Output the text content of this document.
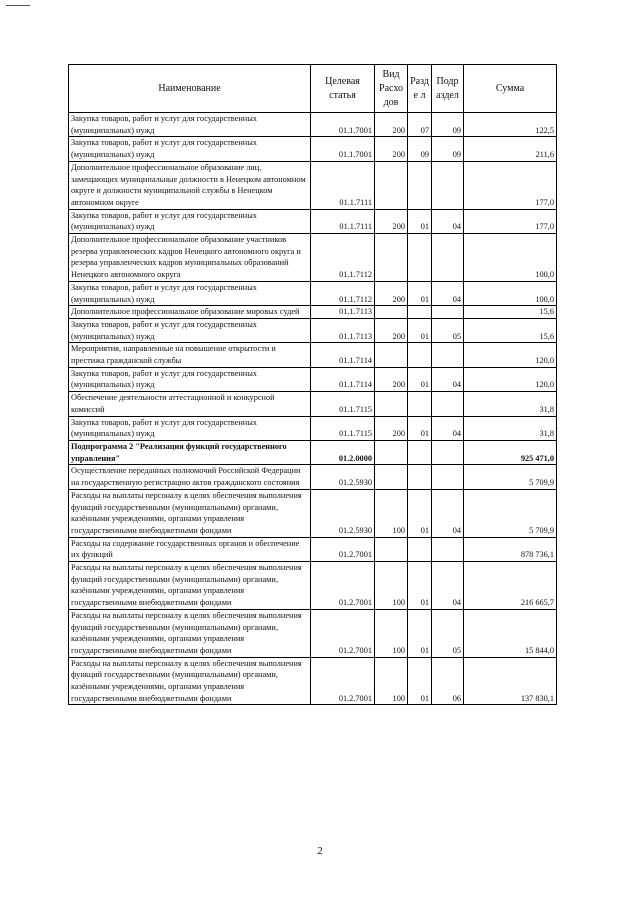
Наименование	Целевая статья	Вид Расхо дов	Разде л	Подр аздел	Сумма
Закупка товаров, работ и услуг для государственных (муниципальных) нужд	01.1.7001	200	07	09	122,5
Закупка товаров, работ и услуг для государственных (муниципальных) нужд	01.1.7001	200	09	09	211,6
Дополнительное профессиональное образование лиц, замещающих муниципальные должности в Ненецком автономном округе и должности муниципальной службы в Ненецком автономном округе	01.1.7111				177,0
Закупка товаров, работ и услуг для государственных (муниципальных) нужд	01.1.7111	200	01	04	177,0
Дополнительное профессиональное образование участников резерва управленческих кадров Ненецкого автономного округа и резерва управленческих кадров муниципальных образований Ненецкого автономного округа	01.1.7112				100,0
Закупка товаров, работ и услуг для государственных (муниципальных) нужд	01.1.7112	200	01	04	100,0
Дополнительное профессиональное образование мировых судей	01.1.7113				15,6
Закупка товаров, работ и услуг для государственных (муниципальных) нужд	01.1.7113	200	01	05	15,6
Мероприятия, направленные на повышение открытости и престижа гражданской службы	01.1.7114				120,0
Закупка товаров, работ и услуг для государственных (муниципальных) нужд	01.1.7114	200	01	04	120,0
Обеспечение деятельности аттестационной и конкурсной комиссий	01.1.7115				31,8
Закупка товаров, работ и услуг для государственных (муниципальных) нужд	01.1.7115	200	01	04	31,8
Подпрограмма 2 "Реализация функций государственного управления"	01.2.0000				925 471,0
Осуществление переданных полномочий Российской Федерации на государственную регистрацию актов гражданского состояния	01.2.5930				5 709,9
Расходы на выплаты персоналу в целях обеспечения выполнения функций государственными (муниципальными) органами, казёнными учреждениями, органами управления государственными внебюджетными фондами	01.2.5930	100	01	04	5 709,9
Расходы на содержание государственных органов и обеспечение их функций	01.2.7001				878 736,1
Расходы на выплаты персоналу в целях обеспечения выполнения функций государственными (муниципальными) органами, казёнными учреждениями, органами управления государственными внебюджетными фондами	01.2.7001	100	01	04	216 665,7
Расходы на выплаты персоналу в целях обеспечения выполнения функций государственными (муниципальными) органами, казёнными учреждениями, органами управления государственными внебюджетными фондами	01.2.7001	100	01	05	15 844,0
Расходы на выплаты персоналу в целях обеспечения выполнения функций государственными (муниципальными) органами, казёнными учреждениями, органами управления государственными внебюджетными фондами	01.2.7001	100	01	06	137 830,1
2
